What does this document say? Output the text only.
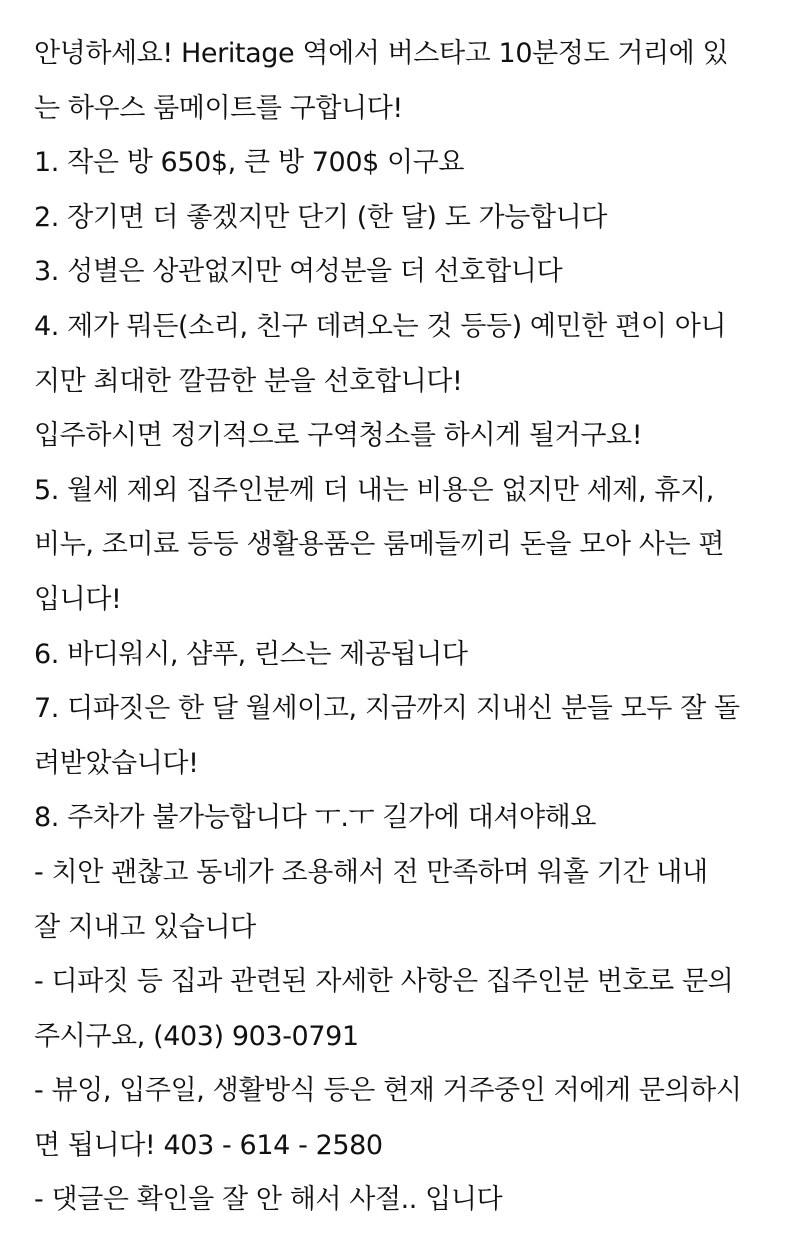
안녕하세요! Heritage 역에서 버스타고 10분정도 거리에 있
는 하우스 룸메이트를 구합니다!
1. 작은 방 650$, 큰 방 700$ 이구요
2. 장기면 더 좋겠지만 단기 (한 달) 도 가능합니다
3. 성별은 상관없지만 여성분을 더 선호합니다
4. 제가 뭐든(소리, 친구 데려오는 것 등등) 예민한 편이 아니
지만 최대한 깔끔한 분을 선호합니다!
입주하시면 정기적으로 구역청소를 하시게 될거구요!
5. 월세 제외 집주인분께 더 내는 비용은 없지만 세제, 휴지,
비누, 조미료 등등 생활용품은 룸메들끼리 돈을 모아 사는 편
입니다!
6. 바디워시, 샴푸, 린스는 제공됩니다
7. 디파짓은 한 달 월세이고, 지금까지 지내신 분들 모두 잘 돌
려받았습니다!
8. 주차가 불가능합니다 ㅜ.ㅜ 길가에 대셔야해요
- 치안 괜찮고 동네가 조용해서 전 만족하며 워홀 기간 내내
잘 지내고 있습니다
- 디파짓 등 집과 관련된 자세한 사항은 집주인분 번호로 문의
주시구요, (403) 903-0791
- 뷰잉, 입주일, 생활방식 등은 현재 거주중인 저에게 문의하시
면 됩니다! 403 - 614 - 2580
- 댓글은 확인을 잘 안 해서 사절.. 입니다
